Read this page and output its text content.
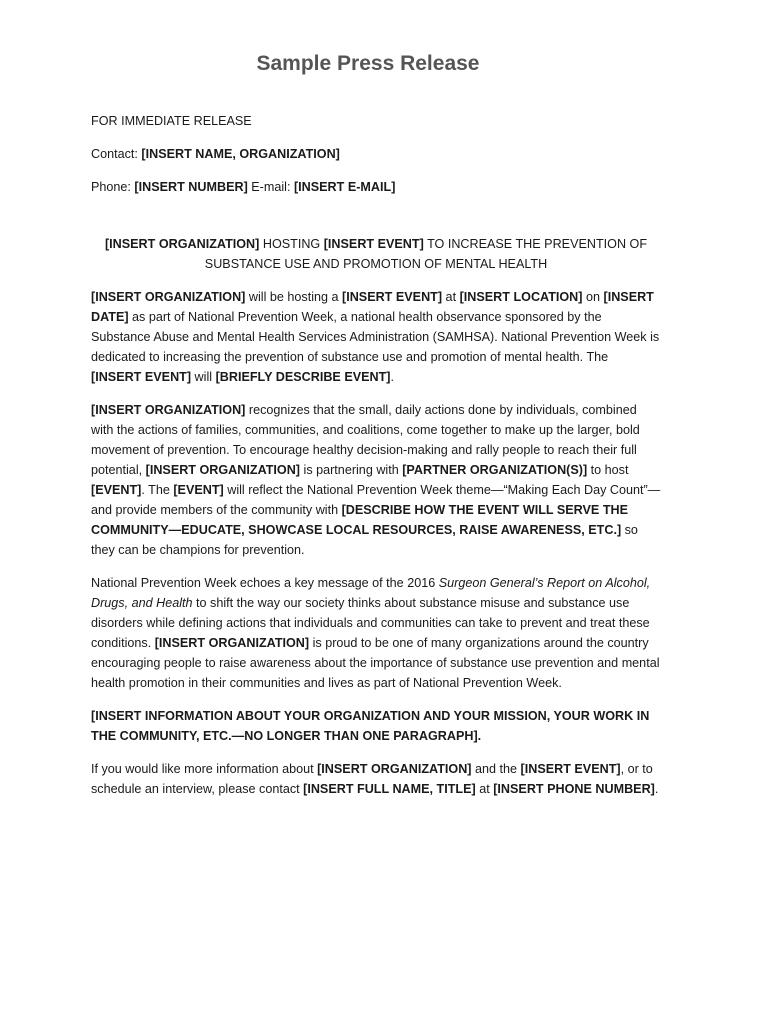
Sample Press Release
FOR IMMEDIATE RELEASE
Contact: [INSERT NAME, ORGANIZATION]
Phone: [INSERT NUMBER] E-mail: [INSERT E-MAIL]
[INSERT ORGANIZATION] HOSTING [INSERT EVENT] TO INCREASE THE PREVENTION OF SUBSTANCE USE AND PROMOTION OF MENTAL HEALTH

[INSERT ORGANIZATION] will be hosting a [INSERT EVENT] at [INSERT LOCATION] on [INSERT DATE] as part of National Prevention Week, a national health observance sponsored by the Substance Abuse and Mental Health Services Administration (SAMHSA). National Prevention Week is dedicated to increasing the prevention of substance use and promotion of mental health. The [INSERT EVENT] will [BRIEFLY DESCRIBE EVENT].

[INSERT ORGANIZATION] recognizes that the small, daily actions done by individuals, combined with the actions of families, communities, and coalitions, come together to make up the larger, bold movement of prevention. To encourage healthy decision-making and rally people to reach their full potential, [INSERT ORGANIZATION] is partnering with [PARTNER ORGANIZATION(S)] to host [EVENT]. The [EVENT] will reflect the National Prevention Week theme—“Making Each Day Count”—and provide members of the community with [DESCRIBE HOW THE EVENT WILL SERVE THE COMMUNITY—EDUCATE, SHOWCASE LOCAL RESOURCES, RAISE AWARENESS, ETC.] so they can be champions for prevention.

National Prevention Week echoes a key message of the 2016 Surgeon General’s Report on Alcohol, Drugs, and Health to shift the way our society thinks about substance misuse and substance use disorders while defining actions that individuals and communities can take to prevent and treat these conditions. [INSERT ORGANIZATION] is proud to be one of many organizations around the country encouraging people to raise awareness about the importance of substance use prevention and mental health promotion in their communities and lives as part of National Prevention Week.

[INSERT INFORMATION ABOUT YOUR ORGANIZATION AND YOUR MISSION, YOUR WORK IN THE COMMUNITY, ETC.—NO LONGER THAN ONE PARAGRAPH].

If you would like more information about [INSERT ORGANIZATION] and the [INSERT EVENT], or to schedule an interview, please contact [INSERT FULL NAME, TITLE] at [INSERT PHONE NUMBER].
